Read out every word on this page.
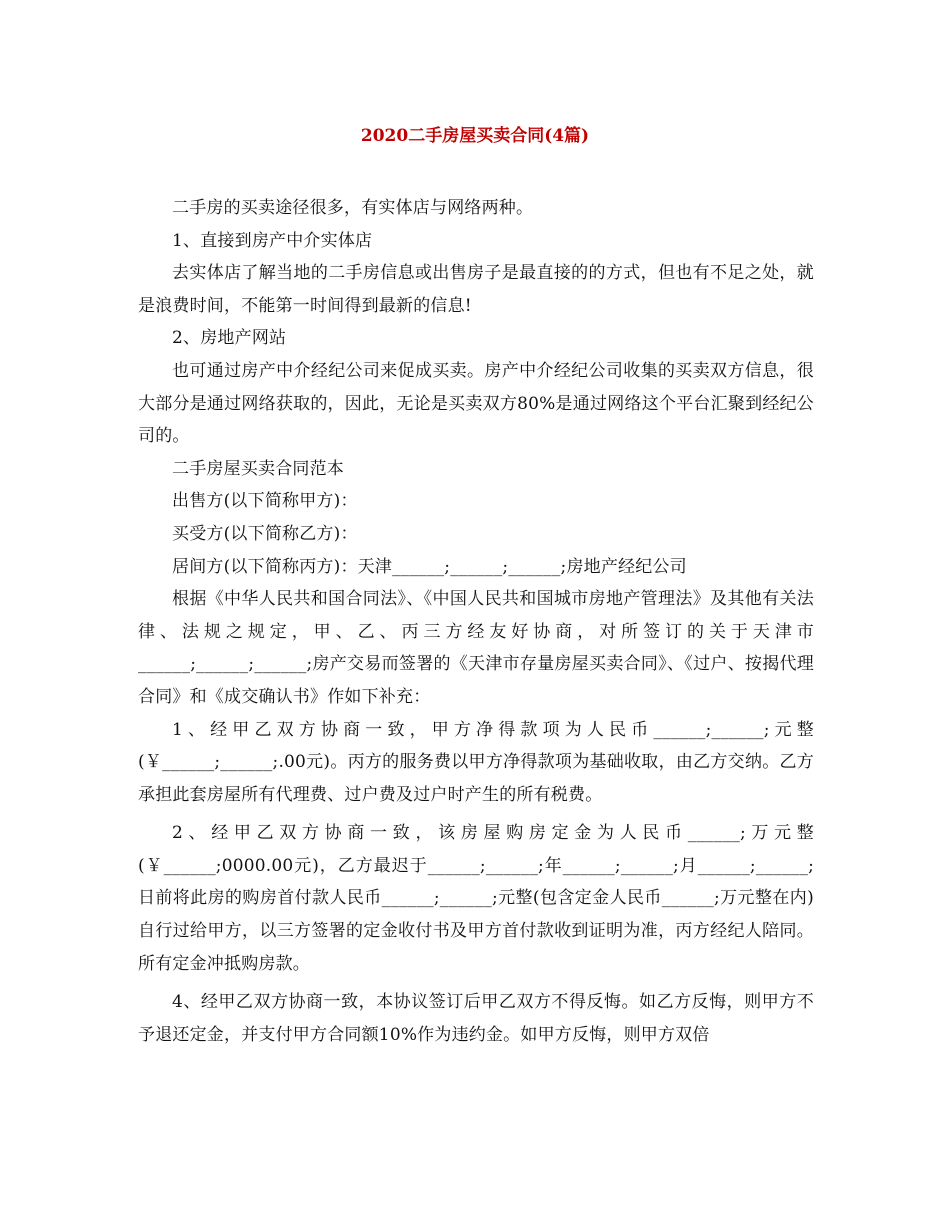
2020二手房屋买卖合同(4篇)

二手房的买卖途径很多，有实体店与网络两种。

1、直接到房产中介实体店

去实体店了解当地的二手房信息或出售房子是最直接的的方式，但也有不足之处，就是浪费时间，不能第一时间得到最新的信息!

2、房地产网站

也可通过房产中介经纪公司来促成买卖。房产中介经纪公司收集的买卖双方信息，很大部分是通过网络获取的，因此，无论是买卖双方80%是通过网络这个平台汇聚到经纪公司的。

二手房屋买卖合同范本

出售方(以下简称甲方)：

买受方(以下简称乙方)：

居间方(以下简称丙方)：天津______;______;______;房地产经纪公司

根据《中华人民共和国合同法》、《中国人民共和国城市房地产管理法》及其他有关法律、法规之规定，甲、乙、丙三方经友好协商，对所签订的关于天津市______;______;______;房产交易而签署的《天津市存量房屋买卖合同》、《过户、按揭代理合同》和《成交确认书》作如下补充：

1、经甲乙双方协商一致，甲方净得款项为人民币______;______;元整(￥______;______;.00元)。丙方的服务费以甲方净得款项为基础收取，由乙方交纳。乙方承担此套房屋所有代理费、过户费及过户时产生的所有税费。

2、经甲乙双方协商一致，该房屋购房定金为人民币______;万元整(￥______;0000.00元)，乙方最迟于______;______;年______;______;月______;______;日前将此房的购房首付款人民币______;______;元整(包含定金人民币______;万元整在内)自行过给甲方，以三方签署的定金收付书及甲方首付款收到证明为准，丙方经纪人陪同。所有定金冲抵购房款。

4、经甲乙双方协商一致，本协议签订后甲乙双方不得反悔。如乙方反悔，则甲方不予退还定金，并支付甲方合同额10%作为违约金。如甲方反悔，则甲方双倍
